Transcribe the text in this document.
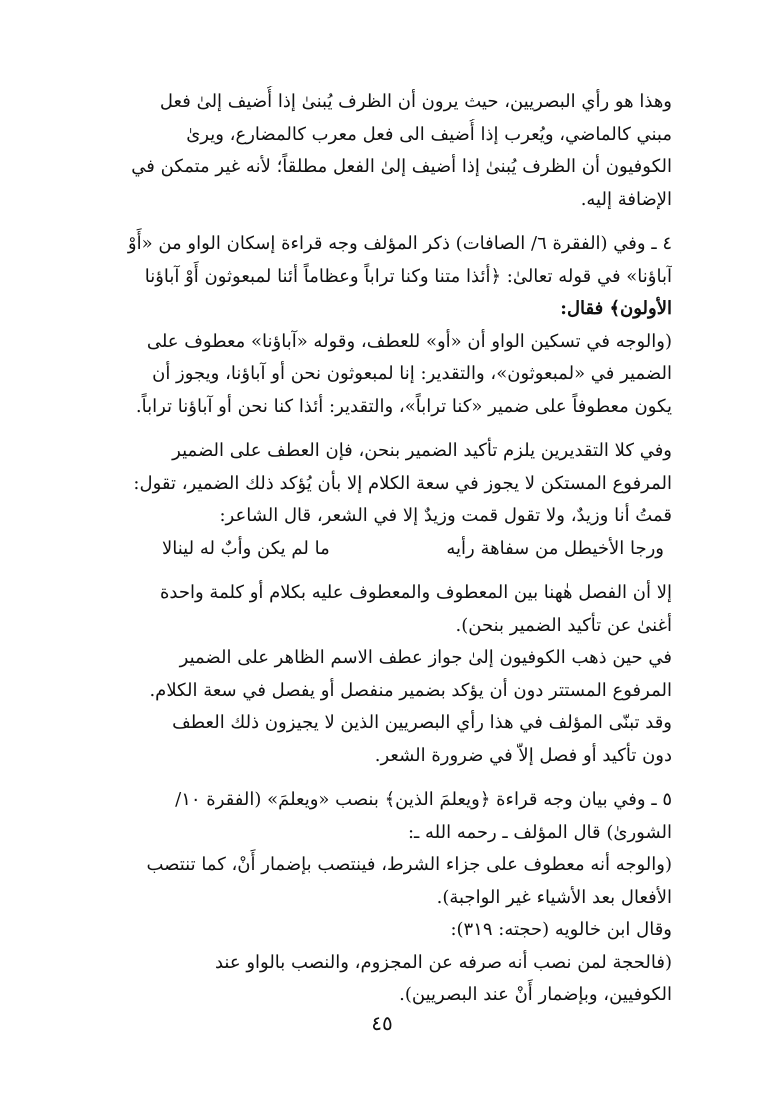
وهذا هو رأي البصريين، حيث يرون أن الظرف يُبنىٰ إذا أُضيف إلىٰ فعل
مبني كالماضي، ويُعرب إذا أُضيف الى فعل معرب كالمضارع، ويرىٰ
الكوفيون أن الظرف يُبنىٰ إذا أضيف إلىٰ الفعل مطلقاً؛ لأنه غير متمكن في
الإضافة إليه.
٤ ـ وفي (الفقرة ٦/ الصافات) ذكر المؤلف وجه قراءة إسكان الواو من «أَوْ
آباؤنا» في قوله تعالىٰ: ﴿أئذا متنا وكنا تراباً وعظاماً أئنا لمبعوثون أَوْ آباؤنا
الأولون﴾ فقال:
(والوجه في تسكين الواو أن «أو» للعطف، وقوله «آباؤنا» معطوف على
الضمير في «لمبعوثون»، والتقدير: إنا لمبعوثون نحن أو آباؤنا، ويجوز أن
يكون معطوفاً على ضمير «كنا تراباً»، والتقدير: أئذا كنا نحن أو آباؤنا تراباً.
وفي كلا التقديرين يلزم تأكيد الضمير بنحن، فإن العطف على الضمير
المرفوع المستكن لا يجوز في سعة الكلام إلا بأن يُؤكد ذلك الضمير، تقول:
قمتُ أنا وزيدٌ، ولا تقول قمت وزيدٌ إلا في الشعر، قال الشاعر:
ورجا الأخيطل من سفاهة رأيه
ما لم يكن وأبٌ له لينالا
إلا أن الفصل هٰهنا بين المعطوف والمعطوف عليه بكلام أو كلمة واحدة
أغنىٰ عن تأكيد الضمير بنحن).
في حين ذهب الكوفيون إلىٰ جواز عطف الاسم الظاهر على الضمير
المرفوع المستتر دون أن يؤكد بضمير منفصل أو يفصل في سعة الكلام.
وقد تبنّى المؤلف في هذا رأي البصريين الذين لا يجيزون ذلك العطف
دون تأكيد أو فصل إلاّ في ضرورة الشعر.
٥ ـ وفي بيان وجه قراءة ﴿ويعلمَ الذين﴾ بنصب «ويعلمَ» (الفقرة ١٠/
الشورىٰ) قال المؤلف ـ رحمه الله ـ:
(والوجه أنه معطوف على جزاء الشرط، فينتصب بإضمار أَنْ، كما تنتصب
الأفعال بعد الأشياء غير الواجبة).
وقال ابن خالويه (حجته: ٣١٩):
(فالحجة لمن نصب أنه صرفه عن المجزوم، والنصب بالواو عند
الكوفيين، وبإضمار أَنْ عند البصريين).
٤٥
